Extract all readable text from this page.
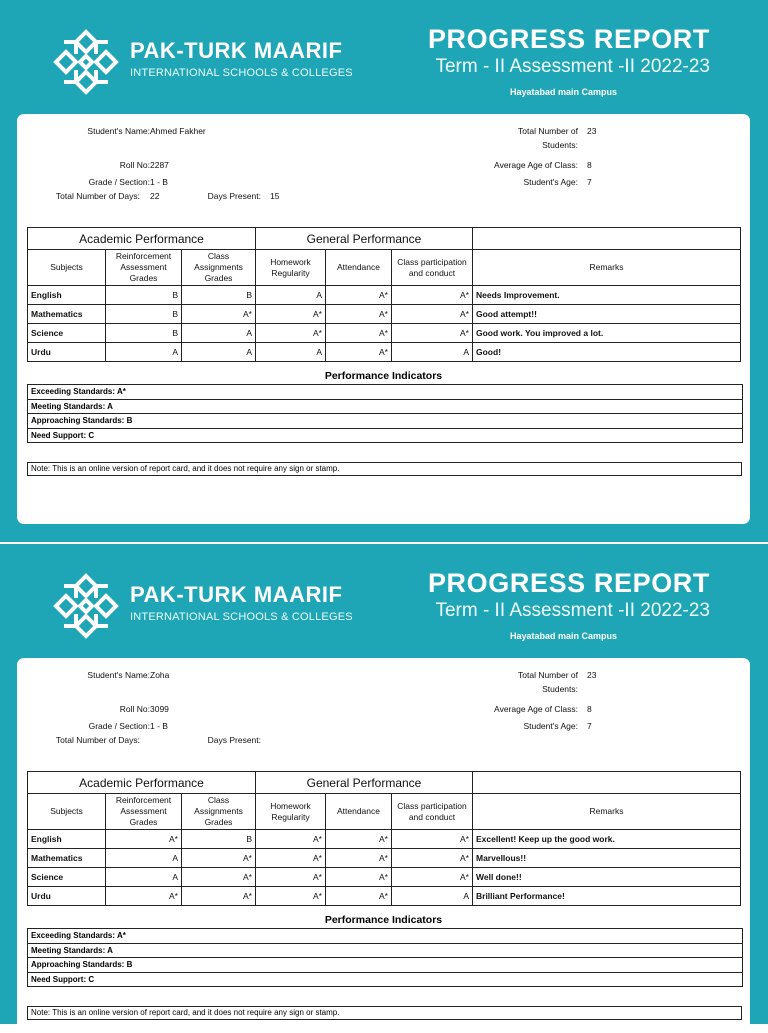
PAK-TURK MAARIF
INTERNATIONAL SCHOOLS & COLLEGES
PROGRESS REPORT
Term - II Assessment -II 2022-23
Hayatabad main Campus
Student's Name: Ahmed Fakher
Roll No: 2287
Grade / Section: 1 - B
Total Number of Days: 22	Days Present: 15
Total Number of
Students:
23
Average Age of Class: 8
Student's Age: 7
Academic Performance			General Performance			
Subjects	Reinforcement Assessment Grades	Class Assignments Grades	Homework Regularity	Attendance	Class participation and conduct	Remarks
English	B	B	A	A*	A*	Needs Improvement.
Mathematics	B	A*	A*	A*	A*	Good attempt!!
Science	B	A	A*	A*	A*	Good work. You improved a lot.
Urdu	A	A	A	A*	A	Good!
Performance Indicators
Exceeding Standards: A*
Meeting Standards: A
Approaching Standards: B
Need Support: C
Note: This is an online version of report card, and it does not require any sign or stamp.
PAK-TURK MAARIF
INTERNATIONAL SCHOOLS & COLLEGES
PROGRESS REPORT
Term - II Assessment -II 2022-23
Hayatabad main Campus
Student's Name: Zoha
Roll No: 3099
Grade / Section: 1 - B
Total Number of Days:	Days Present:
Total Number of
Students:
23
Average Age of Class: 8
Student's Age: 7
Academic Performance			General Performance			
Subjects	Reinforcement Assessment Grades	Class Assignments Grades	Homework Regularity	Attendance	Class participation and conduct	Remarks
English	A*	B	A*	A*	A*	Excellent! Keep up the good work.
Mathematics	A	A*	A*	A*	A*	Marvellous!!
Science	A	A*	A*	A*	A*	Well done!!
Urdu	A*	A*	A*	A*	A	Brilliant Performance!
Performance Indicators
Exceeding Standards: A*
Meeting Standards: A
Approaching Standards: B
Need Support: C
Note: This is an online version of report card, and it does not require any sign or stamp.
